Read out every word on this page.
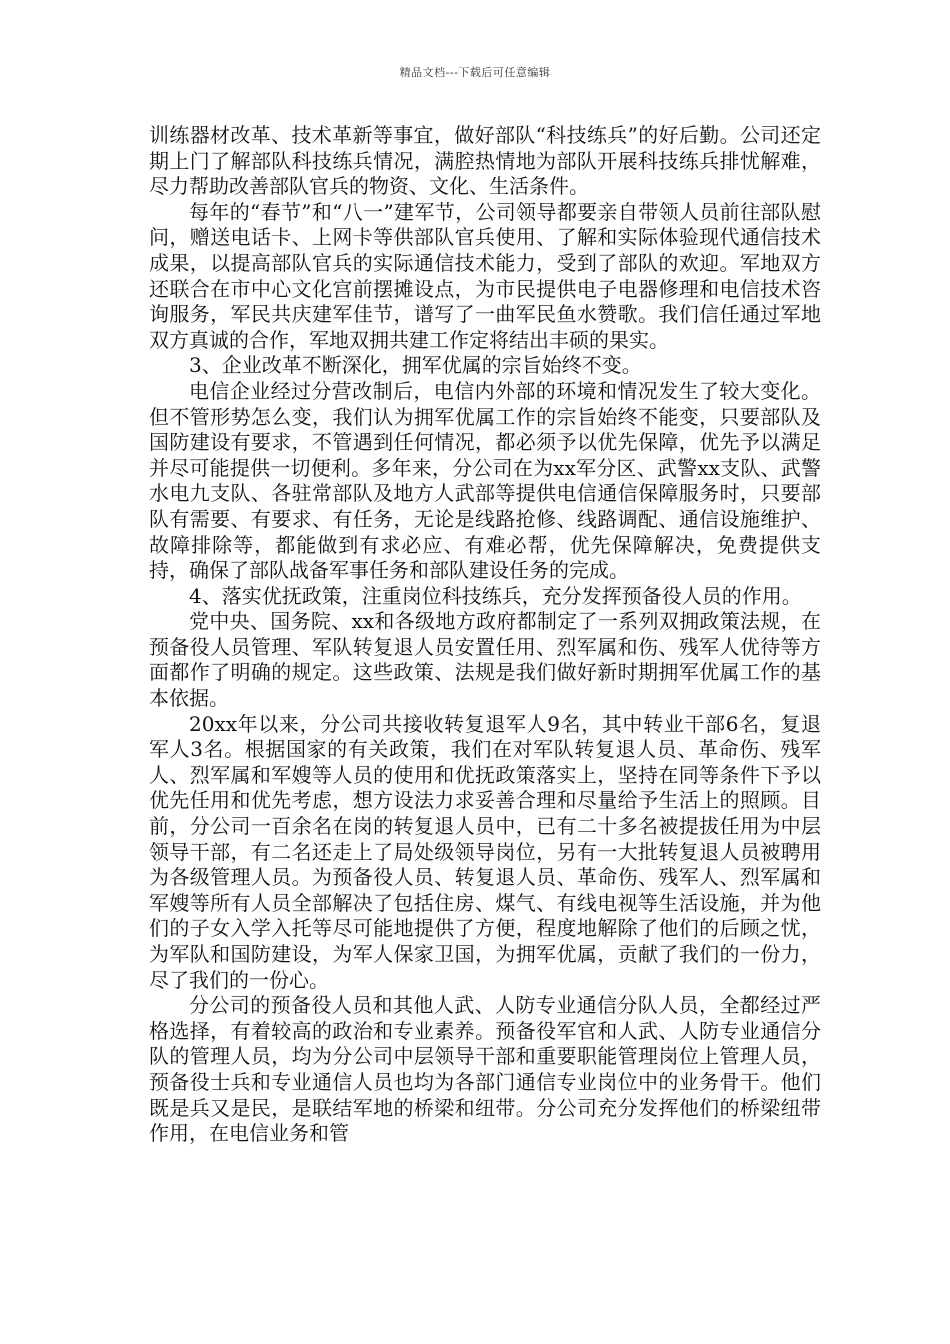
精品文档---下载后可任意编辑

训练器材改革、技术革新等事宜，做好部队“科技练兵”的好后勤。公司还定期上门了解部队科技练兵情况，满腔热情地为部队开展科技练兵排忧解难，尽力帮助改善部队官兵的物资、文化、生活条件。

每年的“春节”和“八一”建军节，公司领导都要亲自带领人员前往部队慰问，赠送电话卡、上网卡等供部队官兵使用、了解和实际体验现代通信技术成果，以提高部队官兵的实际通信技术能力，受到了部队的欢迎。军地双方还联合在市中心文化宫前摆摊设点，为市民提供电子电器修理和电信技术咨询服务，军民共庆建军佳节，谱写了一曲军民鱼水赞歌。我们信任通过军地双方真诚的合作，军地双拥共建工作定将结出丰硕的果实。

3、企业改革不断深化，拥军优属的宗旨始终不变。

电信企业经过分营改制后，电信内外部的环境和情况发生了较大变化。但不管形势怎么变，我们认为拥军优属工作的宗旨始终不能变，只要部队及国防建设有要求，不管遇到任何情况，都必须予以优先保障，优先予以满足并尽可能提供一切便利。多年来，分公司在为xx军分区、武警xx支队、武警水电九支队、各驻常部队及地方人武部等提供电信通信保障服务时，只要部队有需要、有要求、有任务，无论是线路抢修、线路调配、通信设施维护、故障排除等，都能做到有求必应、有难必帮，优先保障解决，免费提供支持，确保了部队战备军事任务和部队建设任务的完成。

4、落实优抚政策，注重岗位科技练兵，充分发挥预备役人员的作用。

党中央、国务院、xx和各级地方政府都制定了一系列双拥政策法规，在预备役人员管理、军队转复退人员安置任用、烈军属和伤、残军人优待等方面都作了明确的规定。这些政策、法规是我们做好新时期拥军优属工作的基本依据。

20xx年以来，分公司共接收转复退军人9名，其中转业干部6名，复退军人3名。根据国家的有关政策，我们在对军队转复退人员、革命伤、残军人、烈军属和军嫂等人员的使用和优抚政策落实上，坚持在同等条件下予以优先任用和优先考虑，想方设法力求妥善合理和尽量给予生活上的照顾。目前，分公司一百余名在岗的转复退人员中，已有二十多名被提拔任用为中层领导干部，有二名还走上了局处级领导岗位，另有一大批转复退人员被聘用为各级管理人员。为预备役人员、转复退人员、革命伤、残军人、烈军属和军嫂等所有人员全部解决了包括住房、煤气、有线电视等生活设施，并为他们的子女入学入托等尽可能地提供了方便，程度地解除了他们的后顾之忧，为军队和国防建设，为军人保家卫国，为拥军优属，贡献了我们的一份力，尽了我们的一份心。

分公司的预备役人员和其他人武、人防专业通信分队人员，全都经过严格选择，有着较高的政治和专业素养。预备役军官和人武、人防专业通信分队的管理人员，均为分公司中层领导干部和重要职能管理岗位上管理人员，预备役士兵和专业通信人员也均为各部门通信专业岗位中的业务骨干。他们既是兵又是民，是联结军地的桥梁和纽带。分公司充分发挥他们的桥梁纽带作用，在电信业务和管
